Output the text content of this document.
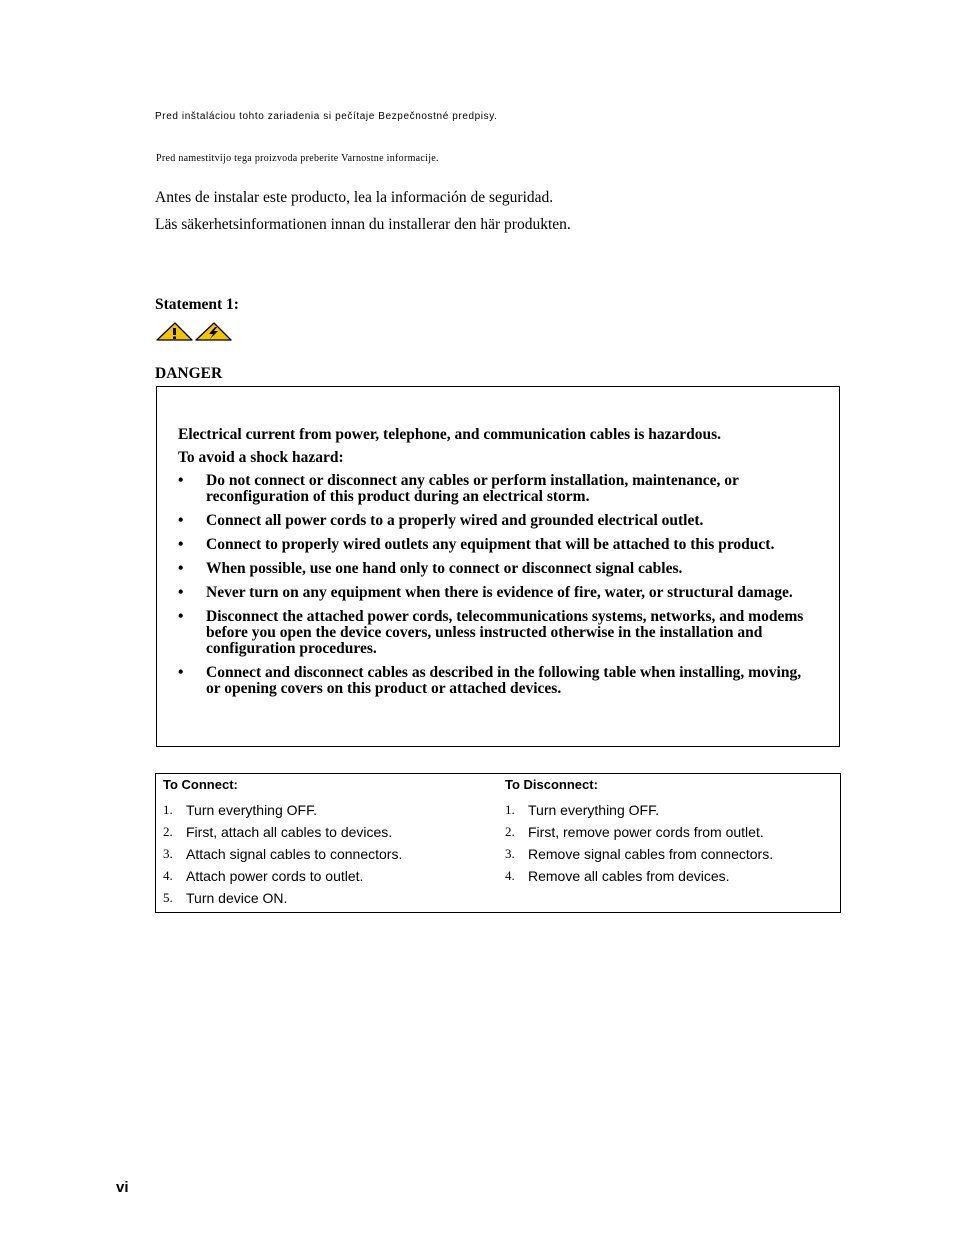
Pred inštaláciou tohto zariadenia si pečítaje Bezpečnostné predpisy.
Pred namestitvijo tega proizvoda preberite Varnostne informacije.
Antes de instalar este producto, lea la información de seguridad.
Läs säkerhetsinformationen innan du installerar den här produkten.
Statement 1:
DANGER

Electrical current from power, telephone, and communication cables is hazardous.

To avoid a shock hazard:

• Do not connect or disconnect any cables or perform installation, maintenance, or reconfiguration of this product during an electrical storm.
• Connect all power cords to a properly wired and grounded electrical outlet.
• Connect to properly wired outlets any equipment that will be attached to this product.
• When possible, use one hand only to connect or disconnect signal cables.
• Never turn on any equipment when there is evidence of fire, water, or structural damage.
• Disconnect the attached power cords, telecommunications systems, networks, and modems before you open the device covers, unless instructed otherwise in the installation and configuration procedures.
• Connect and disconnect cables as described in the following table when installing, moving, or opening covers on this product or attached devices.
To Connect:
1. Turn everything OFF.
2. First, attach all cables to devices.
3. Attach signal cables to connectors.
4. Attach power cords to outlet.
5. Turn device ON.
To Disconnect:
1. Turn everything OFF.
2. First, remove power cords from outlet.
3. Remove signal cables from connectors.
4. Remove all cables from devices.
vi
